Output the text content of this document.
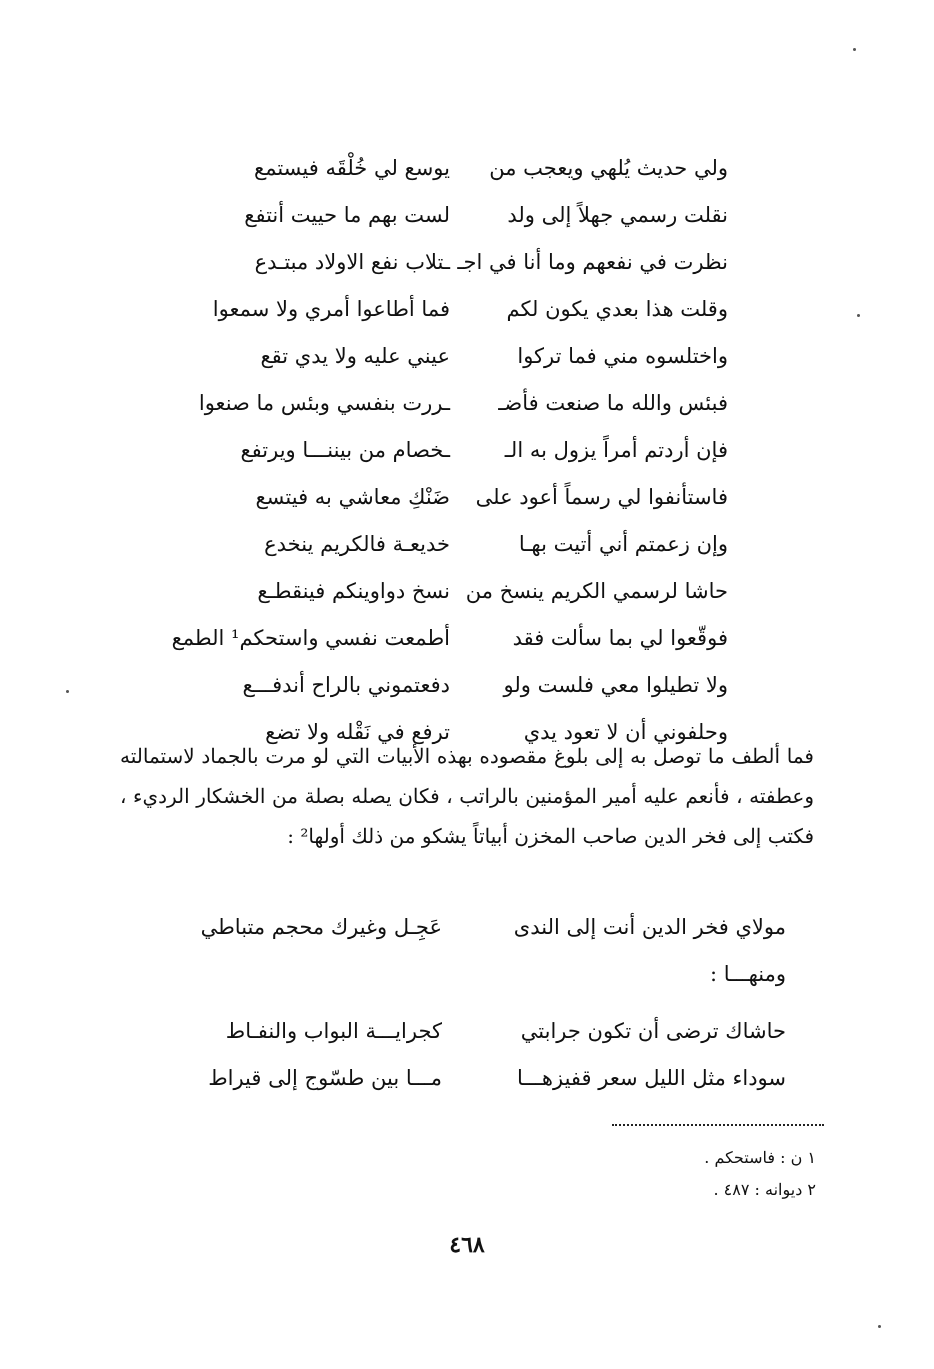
ولي حديث يُلهي ويعجب من
يوسع لي خُلْقَه فيستمع
نقلت رسمي جهلاً إلى ولد
لست بهم ما حييت أنتفع
نظرت في نفعهم وما أنا في اجـ
ـتلاب نفع الاولاد مبتـدع
وقلت هذا بعدي يكون لكم
فما أطاعوا أمري ولا سمعوا
واختلسوه مني فما تركوا
عيني عليه ولا يدي تقع
فبئس والله ما صنعت فأضـ
ـررت بنفسي وبئس ما صنعوا
فإن أردتم أمراً يزول به الـ
ـخصام من بيننـــا ويرتفع
فاستأنفوا لي رسماً أعود على
ضَنْكِ معاشي به فيتسع
وإن زعمتم أني أتيت بهـا
خديعـة فالكريم ينخدع
حاشا لرسمي الكريم ينسخ من
نسخ دواوينكم فينقطـع
فوقّعوا لي بما سألت فقد
أطمعت نفسي واستحكم¹ الطمع
ولا تطيلوا معي فلست ولو
دفعتموني بالراح أندفـــع
وحلفوني أن لا تعود يدي
ترفع في نَقْله ولا تضع
فما ألطف ما توصل به إلى بلوغ مقصوده بهذه الأبيات التي لو مرت بالجماد لاستمالته وعطفته ، فأنعم عليه أمير المؤمنين بالراتب ، فكان يصله بصلة من الخشكار الرديء ، فكتب إلى فخر الدين صاحب المخزن أبياتاً يشكو من ذلك أولها² :
مولاي فخر الدين أنت إلى الندى
عَجِـل وغيرك محجم متباطي
ومنهـــا :
حاشاك ترضى أن تكون جرابتي
كجرايـــة البواب والنفـاط
سوداء مثل الليل سعر قفيزهـــا
مـــا بين طسّوج إلى قيراط
١ ن : فاستحكم .
٢ ديوانه : ٤٨٧ .
٤٦٨
